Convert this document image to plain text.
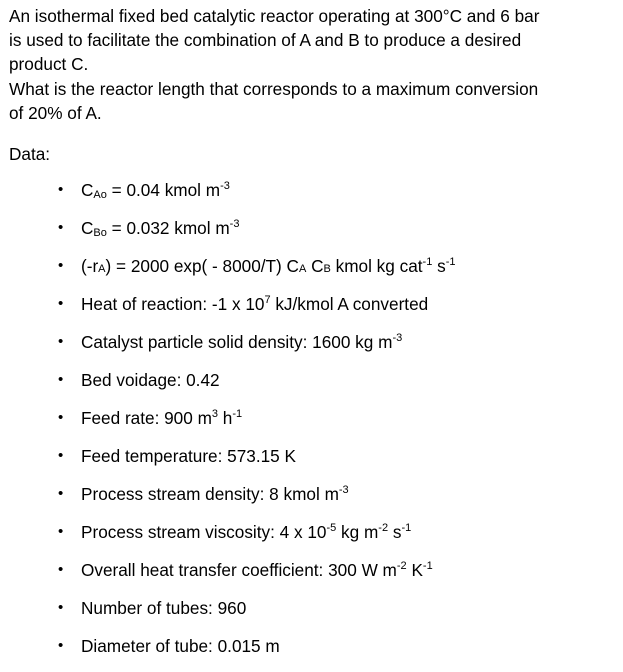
An isothermal fixed bed catalytic reactor operating at 300°C and 6 bar
is used to facilitate the combination of A and B to produce a desired
product C.
What is the reactor length that corresponds to a maximum conversion
of 20% of A.

Data:

• $C_{Ao} = 0.04$ kmol $m^{-3}$
• $C_{Bo} = 0.032$ kmol $m^{-3}$
• (-rA) = 2000 exp( - 8000/T) CA CB kmol kg cat$^{-1}$ $s^{-1}$
• Heat of reaction: -1 x $10^7$ kJ/kmol A converted
• Catalyst particle solid density: 1600 kg $m^{-3}$
• Bed voidage: 0.42
• Feed rate: 900 $m^3$ $h^{-1}$
• Feed temperature: 573.15 K
• Process stream density: 8 kmol $m^{-3}$
• Process stream viscosity: 4 x $10^{-5}$ kg $m^{-2}$ $s^{-1}$
• Overall heat transfer coefficient: 300 W $m^{-2}$ $K^{-1}$
• Number of tubes: 960
• Diameter of tube: 0.015 m
